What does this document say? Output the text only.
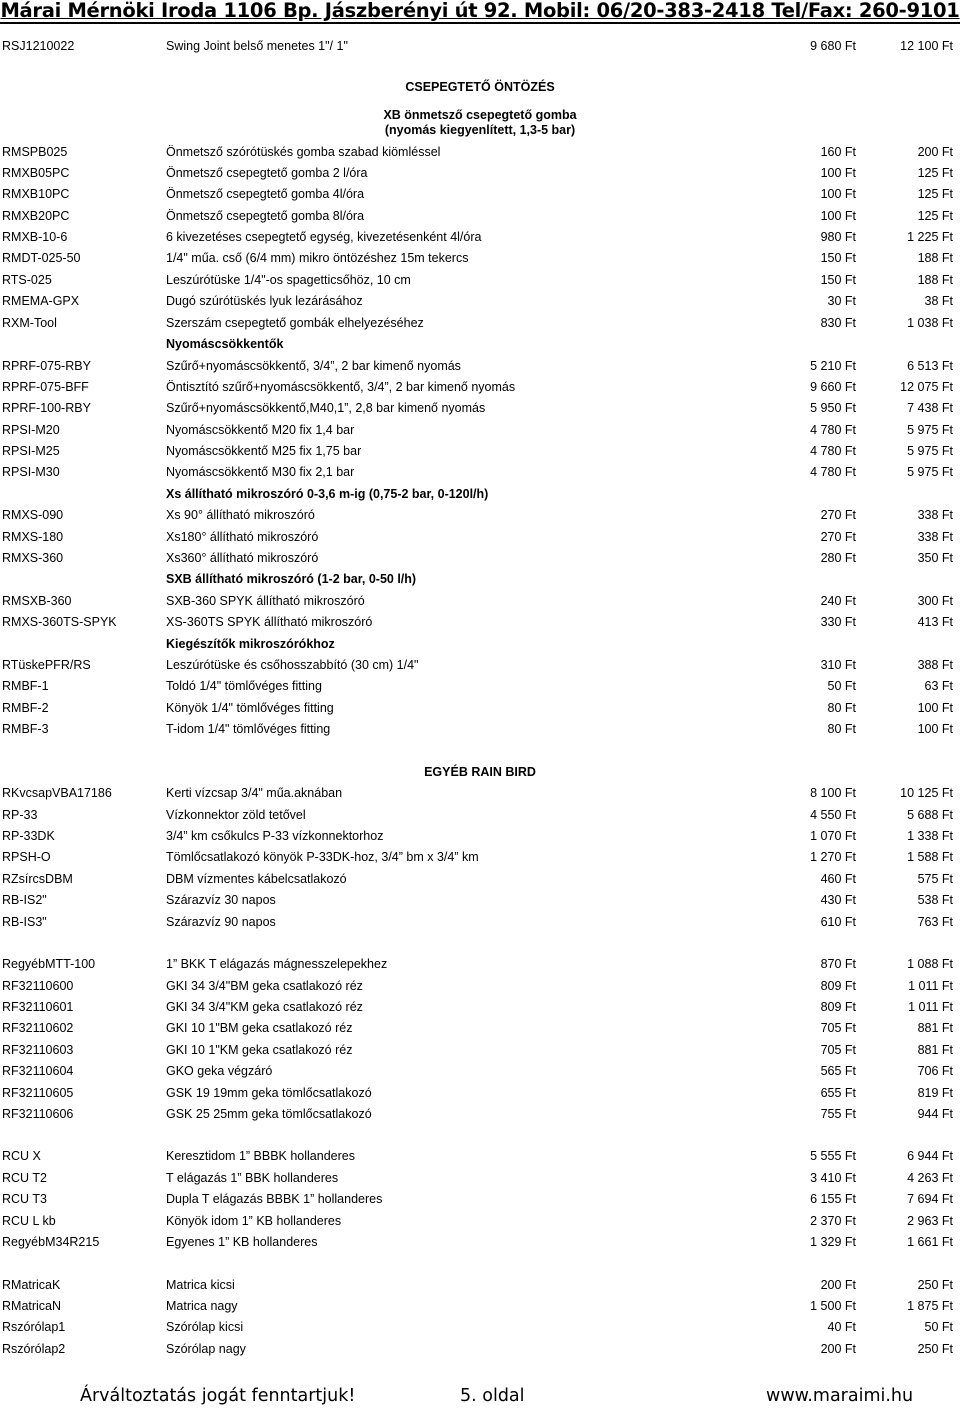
Márai Mérnöki Iroda 1106 Bp. Jászberényi út 92. Mobil: 06/20-383-2418 Tel/Fax: 260-9101
RSJ1210022	Swing Joint belső menetes 1"/ 1"	9 680 Ft	12 100 Ft
CSEPEGTETŐ ÖNTÖZÉS
XB önmetsző csepegtető gomba
(nyomás kiegyenlített, 1,3-5 bar)
RMSPB025	Önmetsző szórótüskés gomba szabad kiömléssel	160 Ft	200 Ft
RMXB05PC	Önmetsző csepegtető gomba 2 l/óra	100 Ft	125 Ft
RMXB10PC	Önmetsző csepegtető gomba 4l/óra	100 Ft	125 Ft
RMXB20PC	Önmetsző csepegtető gomba 8l/óra	100 Ft	125 Ft
RMXB-10-6	6 kivezetéses csepegtető egység, kivezetésenként 4l/óra	980 Ft	1 225 Ft
RMDT-025-50	1/4" műa. cső (6/4 mm) mikro öntözéshez 15m tekercs	150 Ft	188 Ft
RTS-025	Leszúrótüske 1/4"-os spagetticsőhöz, 10 cm	150 Ft	188 Ft
RMEMA-GPX	Dugó szúrótüskés lyuk lezárásához	30 Ft	38 Ft
RXM-Tool	Szerszám csepegtető gombák elhelyezéséhez	830 Ft	1 038 Ft
Nyomáscsökkentők
RPRF-075-RBY	Szűrő+nyomáscsökkentő, 3/4”, 2 bar kimenő nyomás	5 210 Ft	6 513 Ft
RPRF-075-BFF	Öntisztító szűrő+nyomáscsökkentő, 3/4”, 2 bar kimenő nyomás	9 660 Ft	12 075 Ft
RPRF-100-RBY	Szűrő+nyomáscsökkentő,M40,1”, 2,8 bar kimenő nyomás	5 950 Ft	7 438 Ft
RPSI-M20	Nyomáscsökkentő M20 fix 1,4 bar	4 780 Ft	5 975 Ft
RPSI-M25	Nyomáscsökkentő M25 fix 1,75 bar	4 780 Ft	5 975 Ft
RPSI-M30	Nyomáscsökkentő M30 fix 2,1 bar	4 780 Ft	5 975 Ft
Xs állítható mikroszóró 0-3,6 m-ig (0,75-2 bar, 0-120l/h)
RMXS-090	Xs 90° állítható mikroszóró	270 Ft	338 Ft
RMXS-180	Xs180° állítható mikroszóró	270 Ft	338 Ft
RMXS-360	Xs360° állítható mikroszóró	280 Ft	350 Ft
SXB állítható mikroszóró (1-2 bar, 0-50 l/h)
RMSXB-360	SXB-360 SPYK állítható mikroszóró	240 Ft	300 Ft
RMXS-360TS-SPYK	XS-360TS SPYK állítható mikroszóró	330 Ft	413 Ft
Kiegészítők mikroszórókhoz
RTüskePFR/RS	Leszúrótüske és csőhosszabbító (30 cm) 1/4"	310 Ft	388 Ft
RMBF-1	Toldó 1/4" tömlővéges fitting	50 Ft	63 Ft
RMBF-2	Könyök 1/4" tömlővéges fitting	80 Ft	100 Ft
RMBF-3	T-idom 1/4" tömlővéges fitting	80 Ft	100 Ft
EGYÉB RAIN BIRD
RKvcsapVBA17186	Kerti vízcsap 3/4" műa.aknában	8 100 Ft	10 125 Ft
RP-33	Vízkonnektor zöld tetővel	4 550 Ft	5 688 Ft
RP-33DK	3/4” km csőkulcs P-33 vízkonnektorhoz	1 070 Ft	1 338 Ft
RPSH-O	Tömlőcsatlakozó könyök P-33DK-hoz, 3/4” bm x 3/4” km	1 270 Ft	1 588 Ft
RZsírcsDBM	DBM vízmentes kábelcsatlakozó	460 Ft	575 Ft
RB-IS2"	Szárazvíz 30 napos	430 Ft	538 Ft
RB-IS3"	Szárazvíz 90 napos	610 Ft	763 Ft
RegyébMTT-100	1” BKK T elágazás mágnesszelepekhez	870 Ft	1 088 Ft
RF32110600	GKI 34 3/4"BM geka csatlakozó réz	809 Ft	1 011 Ft
RF32110601	GKI 34 3/4"KM geka csatlakozó réz	809 Ft	1 011 Ft
RF32110602	GKI 10 1"BM geka csatlakozó réz	705 Ft	881 Ft
RF32110603	GKI 10 1"KM geka csatlakozó réz	705 Ft	881 Ft
RF32110604	GKO geka végzáró	565 Ft	706 Ft
RF32110605	GSK 19 19mm geka tömlőcsatlakozó	655 Ft	819 Ft
RF32110606	GSK 25 25mm geka tömlőcsatlakozó	755 Ft	944 Ft
RCU X	Keresztidom 1” BBBK hollanderes	5 555 Ft	6 944 Ft
RCU T2	T elágazás 1” BBK hollanderes	3 410 Ft	4 263 Ft
RCU T3	Dupla T elágazás BBBK 1” hollanderes	6 155 Ft	7 694 Ft
RCU L kb	Könyök idom 1” KB hollanderes	2 370 Ft	2 963 Ft
RegyébM34R215	Egyenes 1” KB hollanderes	1 329 Ft	1 661 Ft
RMatricaK	Matrica kicsi	200 Ft	250 Ft
RMatricaN	Matrica nagy	1 500 Ft	1 875 Ft
Rszórólap1	Szórólap kicsi	40 Ft	50 Ft
Rszórólap2	Szórólap nagy	200 Ft	250 Ft
Árváltoztatás jogát fenntartjuk!	5. oldal	www.maraimi.hu
